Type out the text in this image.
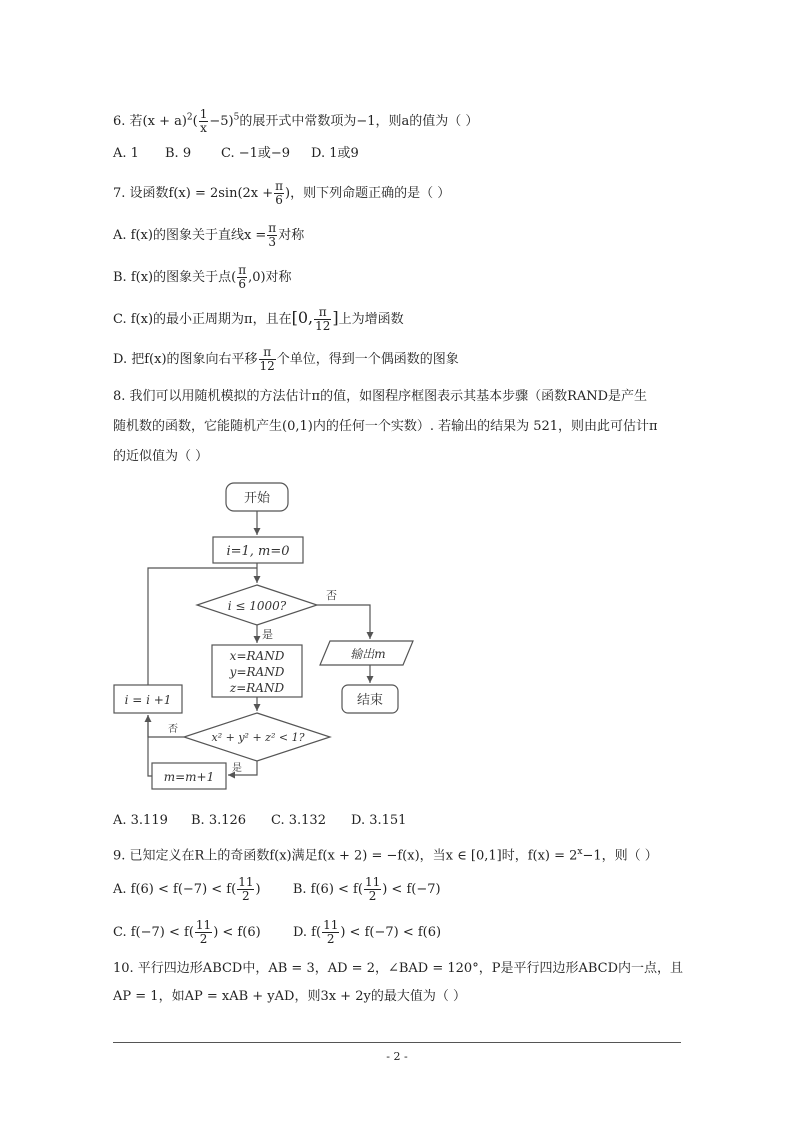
6. 若$(x + a)^2( \frac{1}{x} -5)^5$的展开式中常数项为−1，则a的值为（ ）
A. 1 B. 9 C. −1或−9 D. 1或9
7. 设函数$f(x) = 2\sin(2x + \frac{\pi}{6}$ )，则下列命题正确的是（ ）
A. f(x)的图象关于直线$x = \frac{\pi}{3}$ 对称
B. f(x)的图象关于点( $\frac{\pi}{6} ,0$)对称
C. f(x)的最小正周期为π，且在[0, $\frac{\pi}{12}$ ]上为增函数
D. 把f(x)的图象向右平移 $\frac{\pi}{12}$ 个单位，得到一个偶函数的图象
8. 我们可以用随机模拟的方法估计π的值，如图程序框图表示其基本步骤（函数RAND是产生
随机数的函数，它能随机产生(0,1)内的任何一个实数）. 若输出的结果为 521，则由此可估计π
的近似值为（ ）
开始
i=1, m=0
i ≤ 1000?
否
是
输出m
结束
x=RAND
y=RAND
z=RAND
x² + y² + z² < 1?
否
是
m=m+1
i = i +1
A. 3.119 B. 3.126 C. 3.132 D. 3.151
9. 已知定义在R上的奇函数f(x)满足f(x + 2) = −f(x)，当x ∈ [0,1]时，$f(x) = 2^x-1$，则（ ）
A. $f(6) < f(-7) < f( \frac{11}{2}$ ) B. $f(6) < f( \frac{11}{2}$ ) < f(−7)
C. $f(-7) < f( \frac{11}{2}$ ) < f(6) D. $f( \frac{11}{2}$ ) < f(−7) < f(6)
10. 平行四边形ABCD中，AB = 3，AD = 2，∠BAD = 120°，P是平行四边形ABCD内一点，且
AP = 1，如AP = xAB + yAD，则3x + 2y的最大值为（ ）
- 2 -
